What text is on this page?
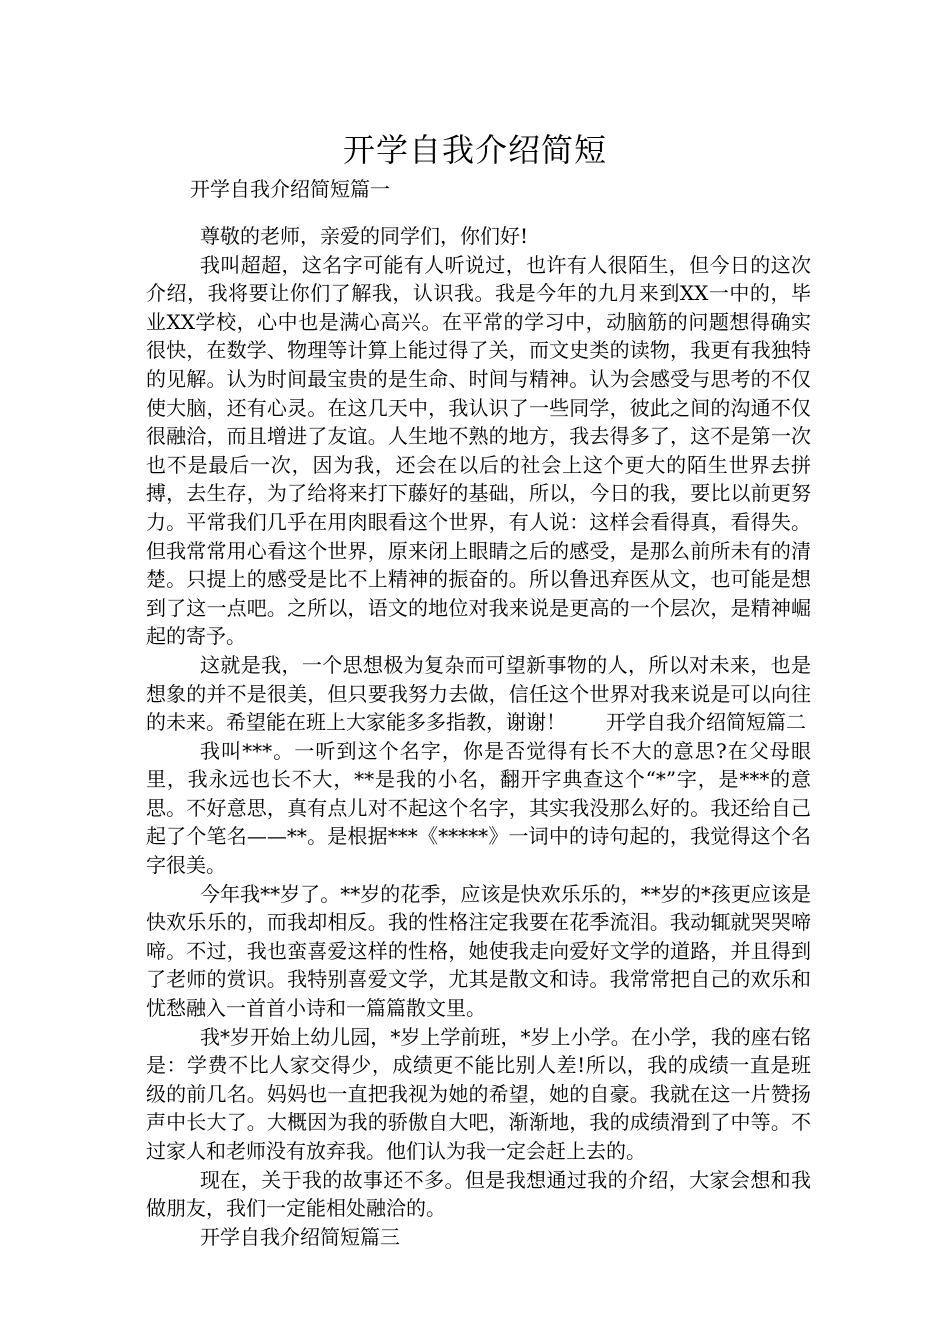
开学自我介绍简短
开学自我介绍简短篇一

尊敬的老师，亲爱的同学们，你们好!

我叫超超，这名字可能有人听说过，也许有人很陌生，但今日的这次介绍，我将要让你们了解我，认识我。我是今年的九月来到XX一中的，毕业XX学校，心中也是满心高兴。在平常的学习中，动脑筋的问题想得确实很快，在数学、物理等计算上能过得了关，而文史类的读物，我更有我独特的见解。认为时间最宝贵的是生命、时间与精神。认为会感受与思考的不仅使大脑，还有心灵。在这几天中，我认识了一些同学，彼此之间的沟通不仅很融洽，而且增进了友谊。人生地不熟的地方，我去得多了，这不是第一次也不是最后一次，因为我，还会在以后的社会上这个更大的陌生世界去拼搏，去生存，为了给将来打下藤好的基础，所以，今日的我，要比以前更努力。平常我们几乎在用肉眼看这个世界，有人说：这样会看得真，看得失。但我常常用心看这个世界，原来闭上眼睛之后的感受，是那么前所未有的清楚。只提上的感受是比不上精神的振奋的。所以鲁迅弃医从文，也可能是想到了这一点吧。之所以，语文的地位对我来说是更高的一个层次，是精神崛起的寄予。

这就是我，一个思想极为复杂而可望新事物的人，所以对未来，也是想象的并不是很美，但只要我努力去做，信任这个世界对我来说是可以向往的未来。希望能在班上大家能多多指教，谢谢！　　开学自我介绍简短篇二

我叫***。一听到这个名字，你是否觉得有长不大的意思?在父母眼里，我永远也长不大，**是我的小名，翻开字典查这个“*”字，是***的意思。不好意思，真有点儿对不起这个名字，其实我没那么好的。我还给自己起了个笔名——**。是根据***《*****》一词中的诗句起的，我觉得这个名字很美。

今年我**岁了。**岁的花季，应该是快欢乐乐的，**岁的*孩更应该是快欢乐乐的，而我却相反。我的性格注定我要在花季流泪。我动辄就哭哭啼啼。不过，我也蛮喜爱这样的性格，她使我走向爱好文学的道路，并且得到了老师的赏识。我特别喜爱文学，尤其是散文和诗。我常常把自己的欢乐和忧愁融入一首首小诗和一篇篇散文里。

我*岁开始上幼儿园，*岁上学前班，*岁上小学。在小学，我的座右铭是：学费不比人家交得少，成绩更不能比别人差!所以，我的成绩一直是班级的前几名。妈妈也一直把我视为她的希望，她的自豪。我就在这一片赞扬声中长大了。大概因为我的骄傲自大吧，渐渐地，我的成绩滑到了中等。不过家人和老师没有放弃我。他们认为我一定会赶上去的。

现在，关于我的故事还不多。但是我想通过我的介绍，大家会想和我做朋友，我们一定能相处融洽的。

开学自我介绍简短篇三
